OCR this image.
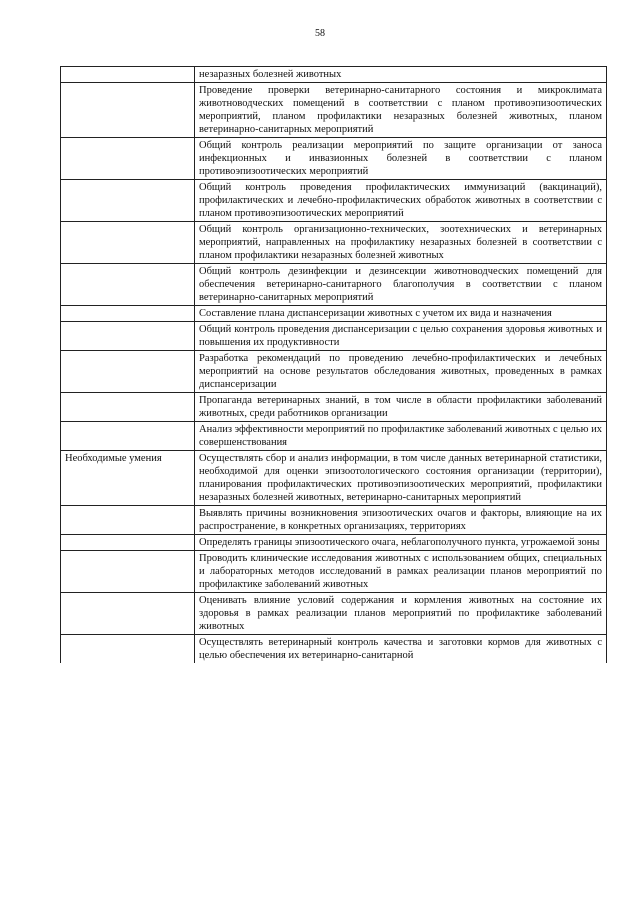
58

	незаразных болезней животных

	Проведение проверки ветеринарно-санитарного состояния и микроклимата животноводческих помещений в соответствии с планом противоэпизоотических мероприятий, планом профилактики незаразных болезней животных, планом ветеринарно-санитарных мероприятий

	Общий контроль реализации мероприятий по защите организации от заноса инфекционных и инвазионных болезней в соответствии с планом противоэпизоотических мероприятий

	Общий контроль проведения профилактических иммунизаций (вакцинаций), профилактических и лечебно-профилактических обработок животных в соответствии с планом противоэпизоотических мероприятий

	Общий контроль организационно-технических, зоотехнических и ветеринарных мероприятий, направленных на профилактику незаразных болезней в соответствии с планом профилактики незаразных болезней животных

	Общий контроль дезинфекции и дезинсекции животноводческих помещений для обеспечения ветеринарно-санитарного благополучия в соответствии с планом ветеринарно-санитарных мероприятий

	Составление плана диспансеризации животных с учетом их вида и назначения

	Общий контроль проведения диспансеризации с целью сохранения здоровья животных и повышения их продуктивности

	Разработка рекомендаций по проведению лечебно-профилактических и лечебных мероприятий на основе результатов обследования животных, проведенных в рамках диспансеризации

	Пропаганда ветеринарных знаний, в том числе в области профилактики заболеваний животных, среди работников организации

	Анализ эффективности мероприятий по профилактике заболеваний животных с целью их совершенствования

Необходимые умения	Осуществлять сбор и анализ информации, в том числе данных ветеринарной статистики, необходимой для оценки эпизоотологического состояния организации (территории), планирования профилактических противоэпизоотических мероприятий, профилактики незаразных болезней животных, ветеринарно-санитарных мероприятий

	Выявлять причины возникновения эпизоотических очагов и факторы, влияющие на их распространение, в конкретных организациях, территориях

	Определять границы эпизоотического очага, неблагополучного пункта, угрожаемой зоны

	Проводить клинические исследования животных с использованием общих, специальных и лабораторных методов исследований в рамках реализации планов мероприятий по профилактике заболеваний животных

	Оценивать влияние условий содержания и кормления животных на состояние их здоровья в рамках реализации планов мероприятий по профилактике заболеваний животных

	Осуществлять ветеринарный контроль качества и заготовки кормов для животных с целью обеспечения их ветеринарно-санитарной
